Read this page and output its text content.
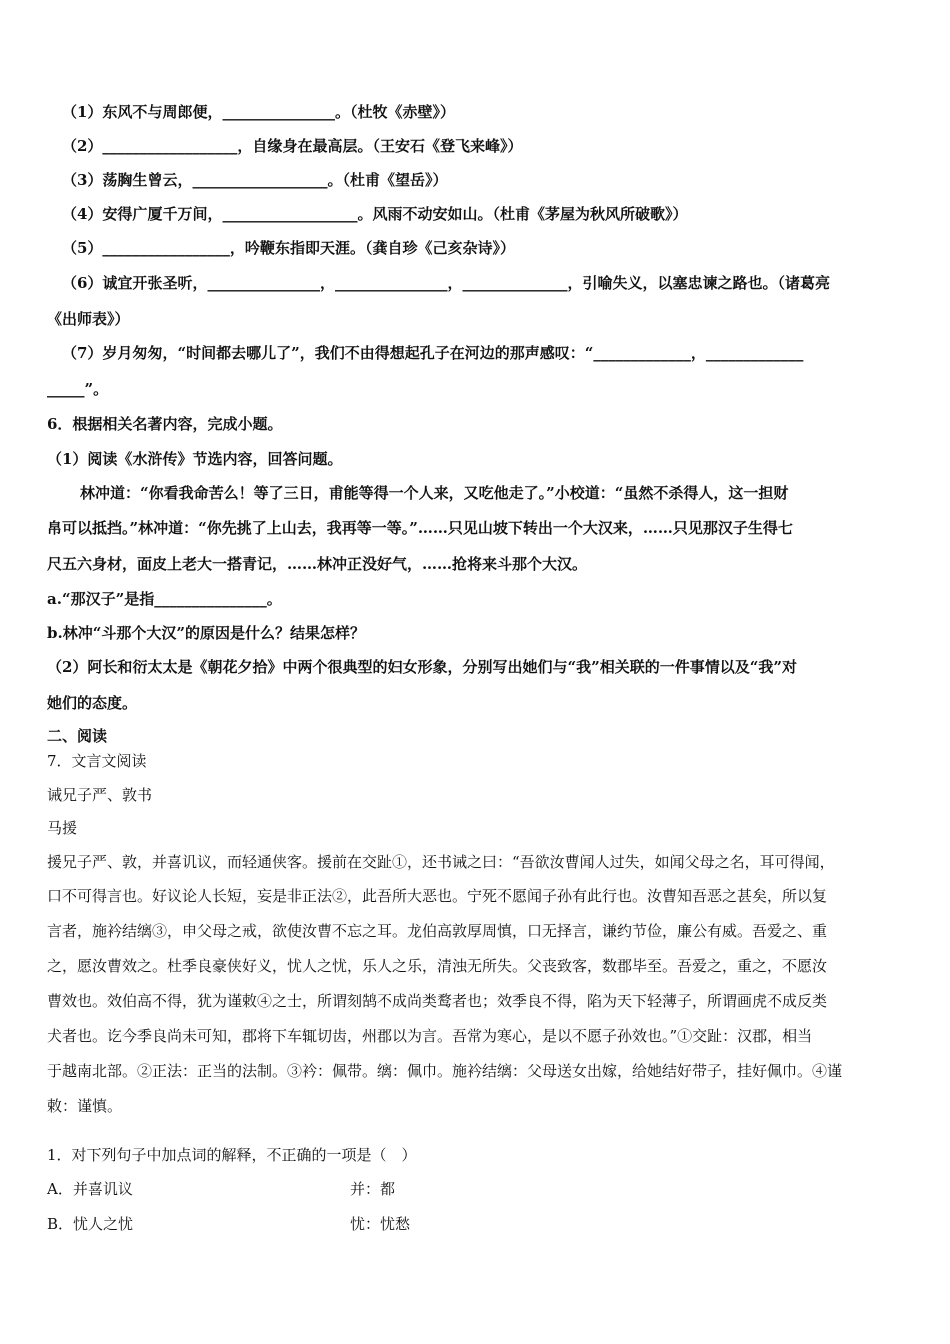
（1）东风不与周郎便，_______________。（杜牧《赤壁》）
（2）__________________，自缘身在最高层。（王安石《登飞来峰》）
（3）荡胸生曾云，__________________。（杜甫《望岳》）
（4）安得广厦千万间，__________________。风雨不动安如山。（杜甫《茅屋为秋风所破歌》）
（5）_________________，吟鞭东指即天涯。（龚自珍《己亥杂诗》）
（6）诚宜开张圣听，_______________，_______________，______________，引喻失义，以塞忠谏之路也。（诸葛亮
《出师表》）
（7）岁月匆匆，“时间都去哪儿了”，我们不由得想起孔子在河边的那声感叹：“_____________，_____________
_____”。
6．根据相关名著内容，完成小题。
（1）阅读《水浒传》节选内容，回答问题。
林冲道：“你看我命苦么！等了三日，甫能等得一个人来，又吃他走了。”小校道：“虽然不杀得人，这一担财
帛可以抵挡。”林冲道：“你先挑了上山去，我再等一等。”……只见山坡下转出一个大汉来，……只见那汉子生得七
尺五六身材，面皮上老大一搭青记，……林冲正没好气，……抢将来斗那个大汉。
a.“那汉子”是指_______________。
b.林冲“斗那个大汉”的原因是什么？结果怎样？
（2）阿长和衍太太是《朝花夕拾》中两个很典型的妇女形象，分别写出她们与“我”相关联的一件事情以及“我”对
她们的态度。
二、阅读
7．文言文阅读
诫兄子严、敦书
马援
援兄子严、敦，并喜讥议，而轻通侠客。援前在交趾①，还书诫之曰：“吾欲汝曹闻人过失，如闻父母之名，耳可得闻，
口不可得言也。好议论人长短，妄是非正法②，此吾所大恶也。宁死不愿闻子孙有此行也。汝曹知吾恶之甚矣，所以复
言者，施衿结缡③，申父母之戒，欲使汝曹不忘之耳。龙伯高敦厚周慎，口无择言，谦约节俭，廉公有威。吾爱之、重
之，愿汝曹效之。杜季良豪侠好义，忧人之忧，乐人之乐，清浊无所失。父丧致客，数郡毕至。吾爱之，重之，不愿汝
曹效也。效伯高不得，犹为谨敕④之士，所谓刻鹄不成尚类鹜者也；效季良不得，陷为天下轻薄子，所谓画虎不成反类
犬者也。讫今季良尚未可知，郡将下车辄切齿，州郡以为言。吾常为寒心，是以不愿子孙效也。”①交趾：汉郡，相当
于越南北部。②正法：正当的法制。③衿：佩带。缡：佩巾。施衿结缡：父母送女出嫁，给她结好带子，挂好佩巾。④谨
敕：谨慎。
1．对下列句子中加点词的解释，不正确的一项是（　）
A．并喜讥议	并：都
B．忧人之忧	忧：忧愁
